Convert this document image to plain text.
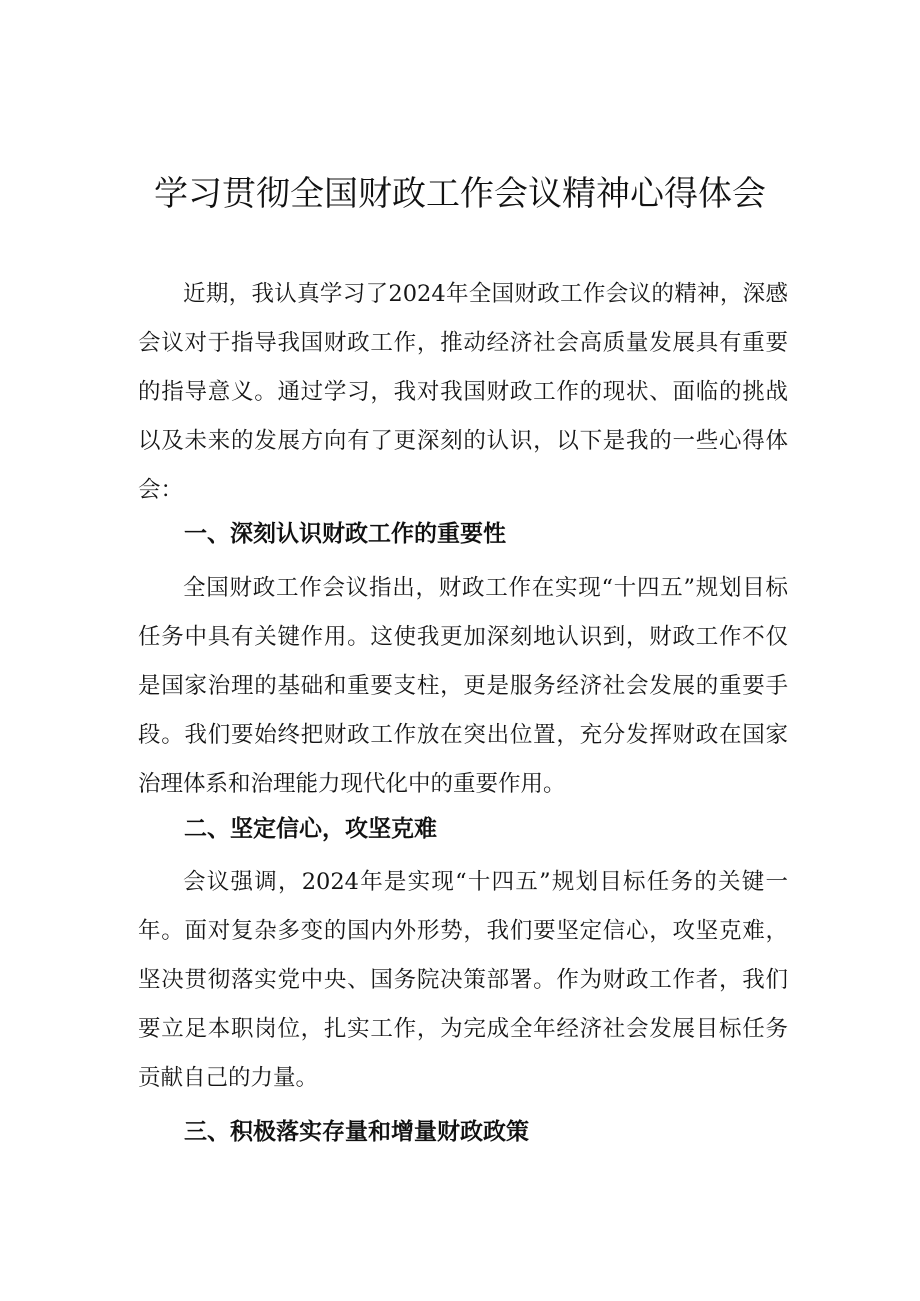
学习贯彻全国财政工作会议精神心得体会

近期，我认真学习了2024年全国财政工作会议的精神，深感会议对于指导我国财政工作，推动经济社会高质量发展具有重要的指导意义。通过学习，我对我国财政工作的现状、面临的挑战以及未来的发展方向有了更深刻的认识，以下是我的一些心得体会：

一、深刻认识财政工作的重要性

全国财政工作会议指出，财政工作在实现“十四五”规划目标任务中具有关键作用。这使我更加深刻地认识到，财政工作不仅是国家治理的基础和重要支柱，更是服务经济社会发展的重要手段。我们要始终把财政工作放在突出位置，充分发挥财政在国家治理体系和治理能力现代化中的重要作用。

二、坚定信心，攻坚克难

会议强调，2024年是实现“十四五”规划目标任务的关键一年。面对复杂多变的国内外形势，我们要坚定信心，攻坚克难，坚决贯彻落实党中央、国务院决策部署。作为财政工作者，我们要立足本职岗位，扎实工作，为完成全年经济社会发展目标任务贡献自己的力量。

三、积极落实存量和增量财政政策
